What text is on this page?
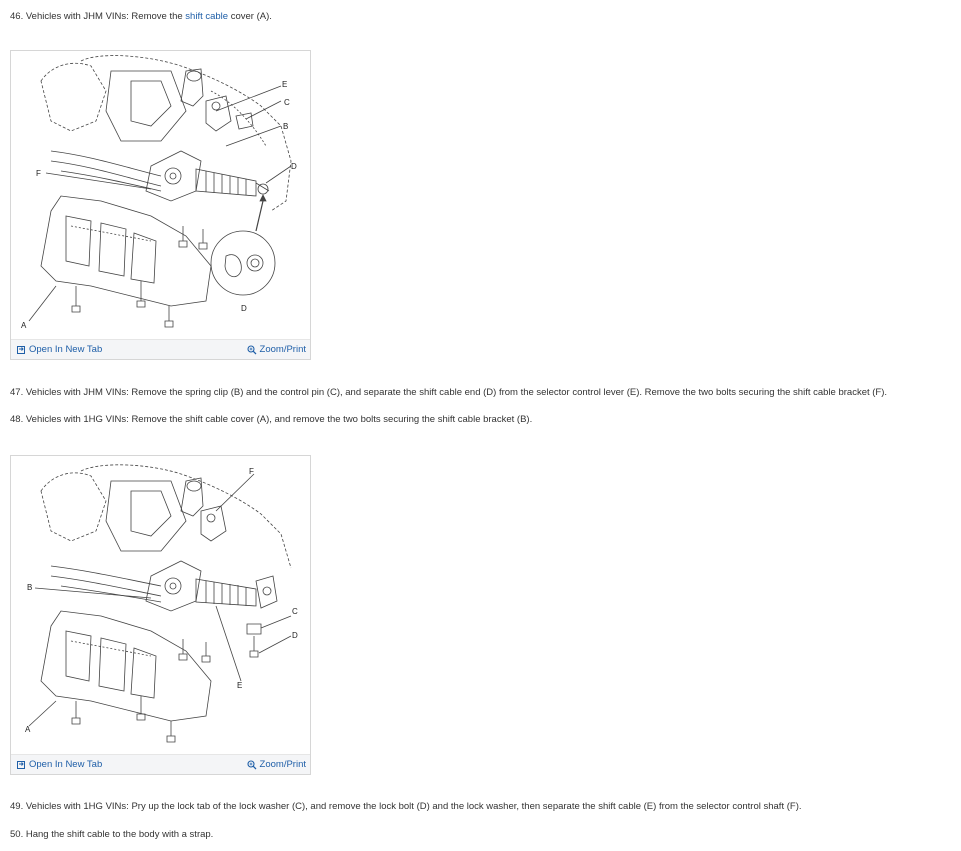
46. Vehicles with JHM VINs: Remove the shift cable cover (A).
E
C
B
D
F
A
D
Open In New Tab	Zoom/Print
47. Vehicles with JHM VINs: Remove the spring clip (B) and the control pin (C), and separate the shift cable end (D) from the selector control lever (E). Remove the two bolts securing the shift cable bracket (F).
48. Vehicles with 1HG VINs: Remove the shift cable cover (A), and remove the two bolts securing the shift cable bracket (B).
F
B
C
D
E
A
Open In New Tab	Zoom/Print
49. Vehicles with 1HG VINs: Pry up the lock tab of the lock washer (C), and remove the lock bolt (D) and the lock washer, then separate the shift cable (E) from the selector control shaft (F).
50. Hang the shift cable to the body with a strap.
